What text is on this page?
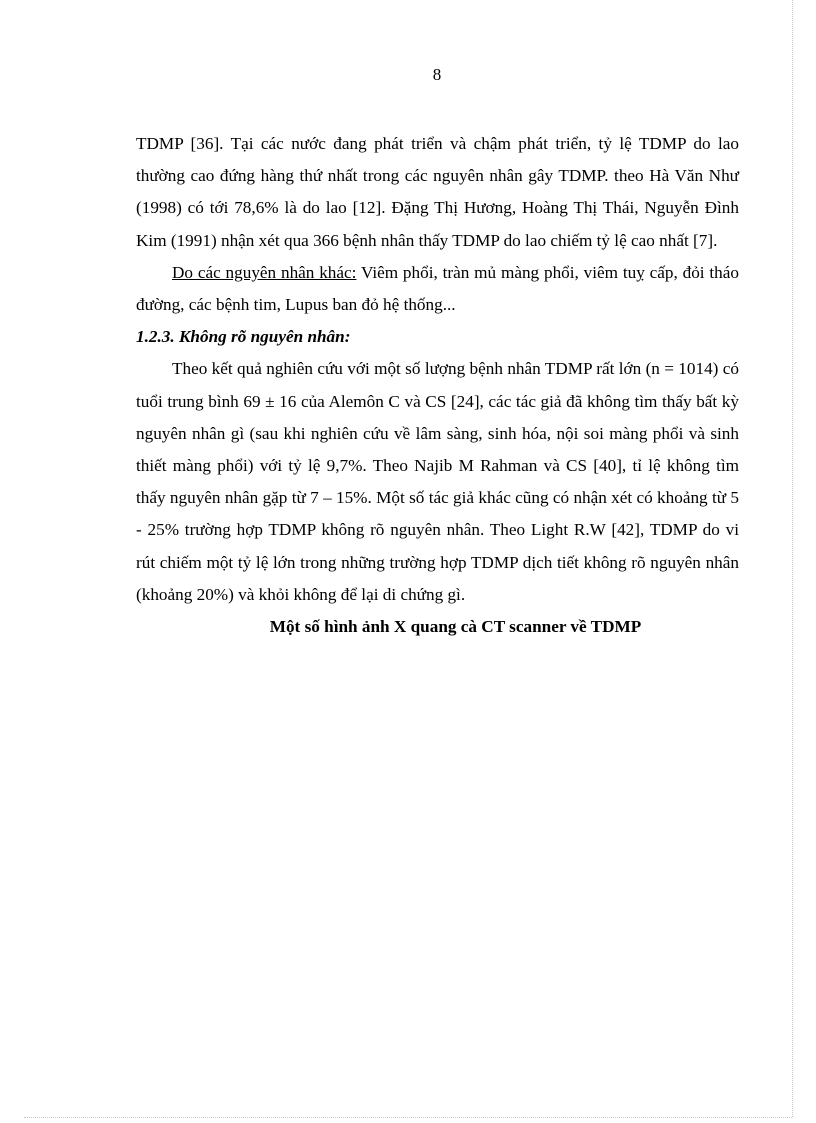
8

TDMP [36]. Tại các nước đang phát triển và chậm phát triển, tỷ lệ TDMP do lao thường cao đứng hàng thứ nhất trong các nguyên nhân gây TDMP. theo Hà Văn Như (1998) có tới 78,6% là do lao [12]. Đặng Thị Hương, Hoàng Thị Thái, Nguyễn Đình Kim (1991) nhận xét qua 366 bệnh nhân thấy TDMP do lao chiếm tỷ lệ cao nhất [7].

Do các nguyên nhân khác: Viêm phổi, tràn mủ màng phổi, viêm tuỵ cấp, đỏi tháo đường, các bệnh tim, Lupus ban đỏ hệ thống...

1.2.3. Không rõ nguyên nhân:

Theo kết quả nghiên cứu với một số lượng bệnh nhân TDMP rất lớn (n = 1014) có tuổi trung bình 69 ± 16 của Alemôn C và CS [24], các tác giả đã không tìm thấy bất kỳ nguyên nhân gì (sau khi nghiên cứu về lâm sàng, sinh hóa, nội soi màng phổi và sinh thiết màng phổi) với tỷ lệ 9,7%. Theo Najib M Rahman và CS [40], tỉ lệ không tìm thấy nguyên nhân gặp từ 7 – 15%. Một số tác giả khác cũng có nhận xét có khoảng từ 5 - 25% trường hợp TDMP không rõ nguyên nhân. Theo Light R.W [42], TDMP do vi rút chiếm một tỷ lệ lớn trong những trường hợp TDMP dịch tiết không rõ nguyên nhân (khoảng 20%) và khỏi không để lại di chứng gì.

Một số hình ảnh X quang cà CT scanner về TDMP
